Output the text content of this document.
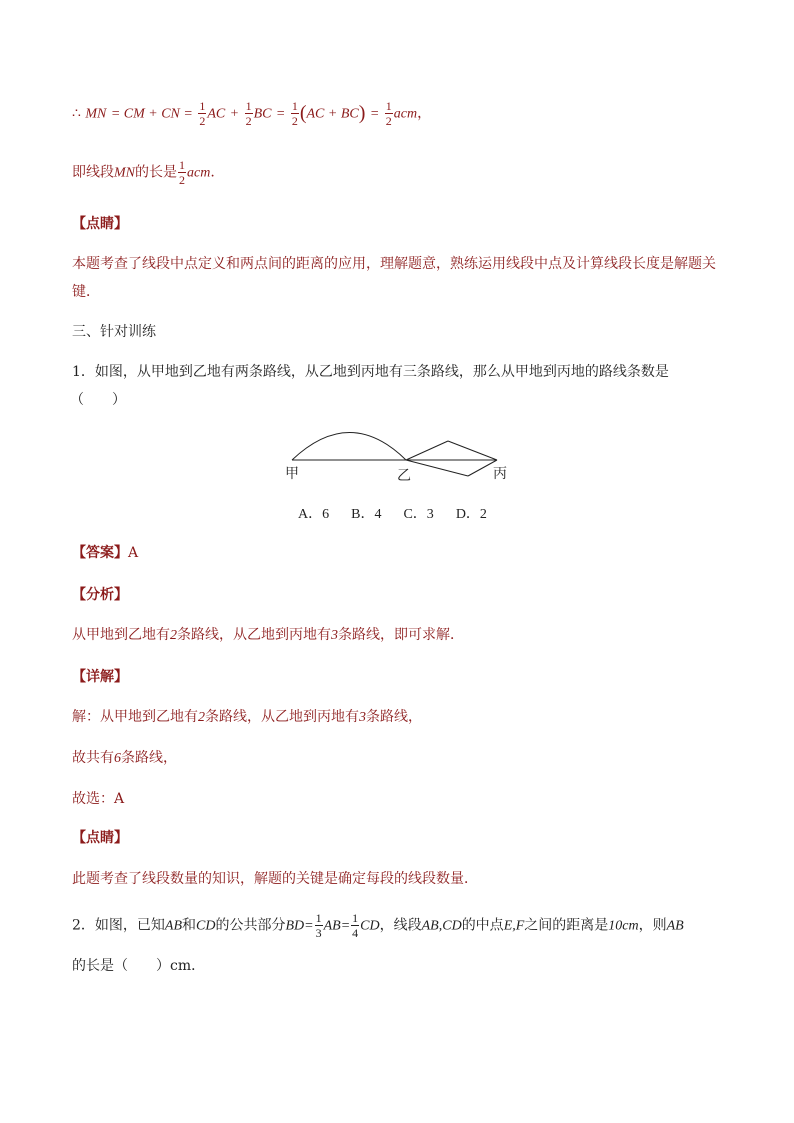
∴ MN = CM + CN = $\frac{1}{2}$ AC + $\frac{1}{2}$ BC = $\frac{1}{2} (AC + BC) = \frac{1}{2}$ acm，
即线段MN的长是 $\frac{1}{2}$ acm.
【点睛】
本题考查了线段中点定义和两点间的距离的应用，理解题意，熟练运用线段中点及计算线段长度是解题关键．
三、针对训练
1．如图，从甲地到乙地有两条路线，从乙地到丙地有三条路线，那么从甲地到丙地的路线条数是
（　　）
甲	乙	丙
A．6 B．4 C．3 D．2
【答案】A
【分析】
从甲地到乙地有2条路线，从乙地到丙地有3条路线，即可求解．
【详解】
解：从甲地到乙地有2条路线，从乙地到丙地有3条路线，
故共有6条路线，
故选：A
【点睛】
此题考查了线段数量的知识，解题的关键是确定每段的线段数量．
2．如图，已知AB和CD的公共部分$BD= \frac{1}{3} AB= \frac{1}{4}$ CD，线段AB,CD的中点E,F之间的距离是10cm，则AB
的长是（　　）cm．
